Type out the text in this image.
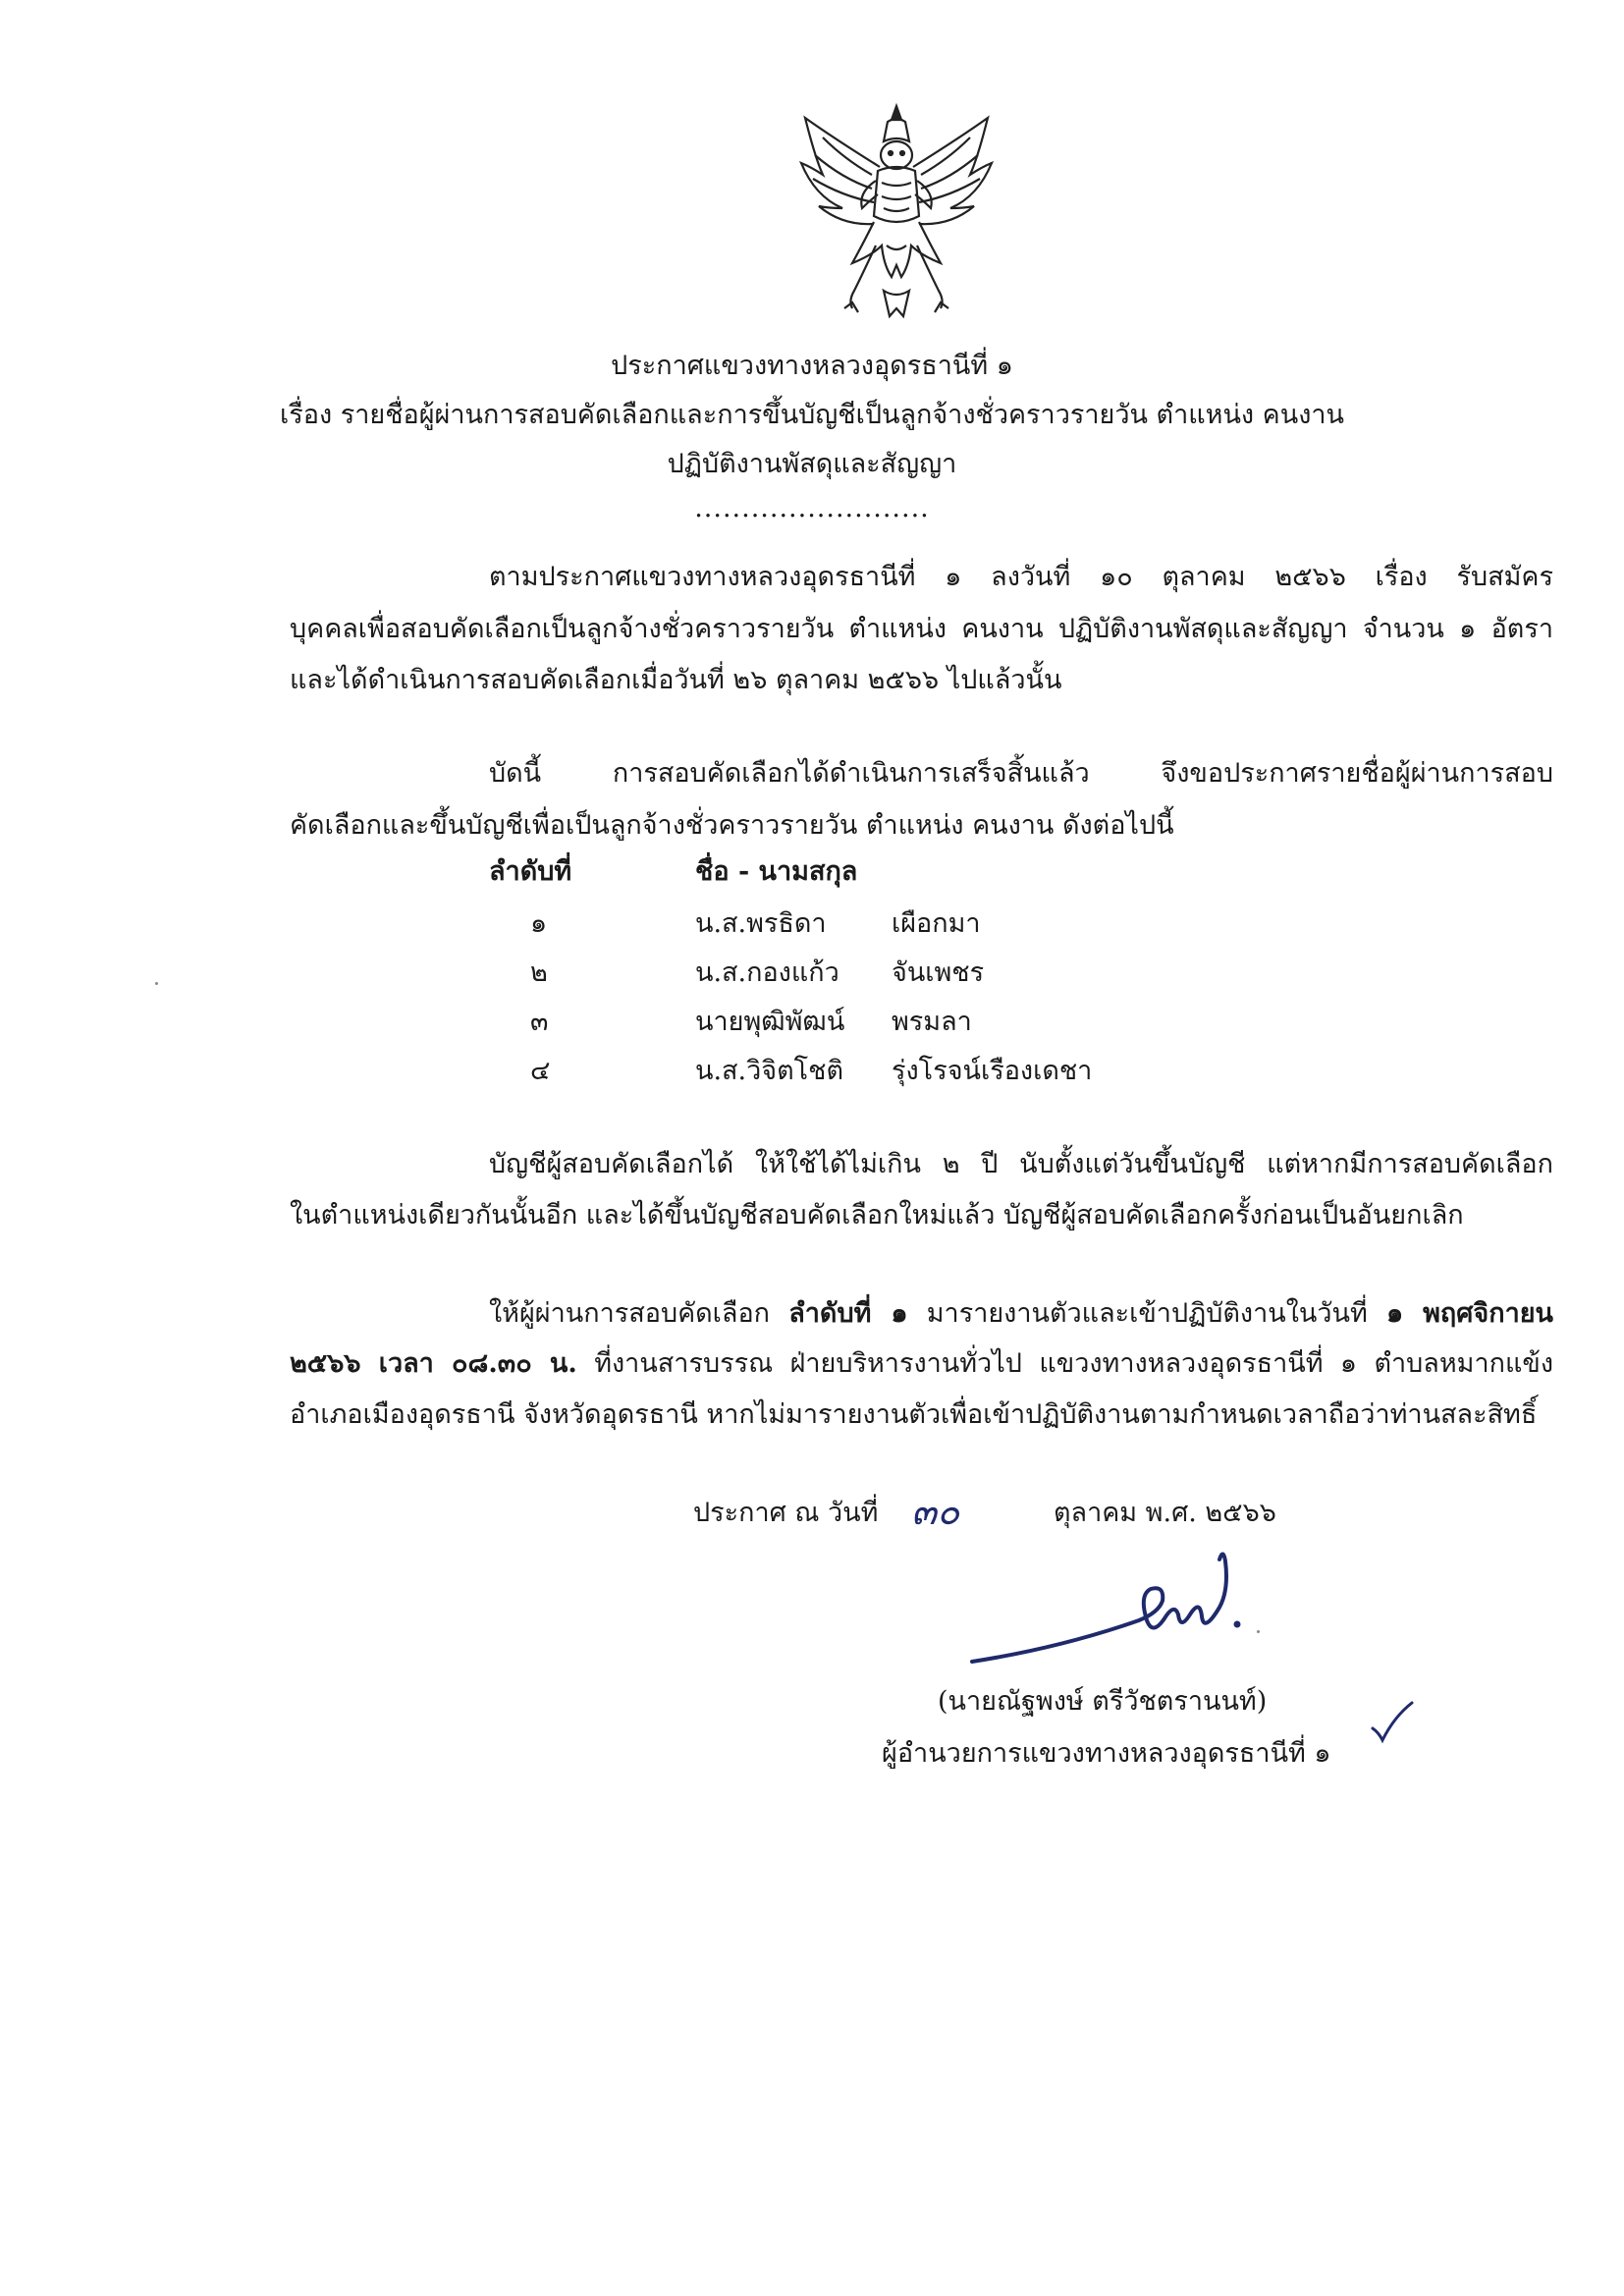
ประกาศแขวงทางหลวงอุดรธานีที่ ๑
เรื่อง รายชื่อผู้ผ่านการสอบคัดเลือกและการขึ้นบัญชีเป็นลูกจ้างชั่วคราวรายวัน ตำแหน่ง คนงาน
ปฏิบัติงานพัสดุและสัญญา
.........................
ตามประกาศแขวงทางหลวงอุดรธานีที่ ๑ ลงวันที่ ๑๐ ตุลาคม ๒๕๖๖ เรื่อง รับสมัคร
บุคคลเพื่อสอบคัดเลือกเป็นลูกจ้างชั่วคราวรายวัน ตำแหน่ง คนงาน ปฏิบัติงานพัสดุและสัญญา จำนวน ๑ อัตรา
และได้ดำเนินการสอบคัดเลือกเมื่อวันที่ ๒๖ ตุลาคม ๒๕๖๖ ไปแล้วนั้น
บัดนี้ การสอบคัดเลือกได้ดำเนินการเสร็จสิ้นแล้ว จึงขอประกาศรายชื่อผู้ผ่านการสอบ
คัดเลือกและขึ้นบัญชีเพื่อเป็นลูกจ้างชั่วคราวรายวัน ตำแหน่ง คนงาน ดังต่อไปนี้
ลำดับที่	ชื่อ - นามสกุล
๑	น.ส.พรธิดา เผือกมา
๒	น.ส.กองแก้ว จันเพชร
๓	นายพุฒิพัฒน์ พรมลา
๔	น.ส.วิจิตโชติ รุ่งโรจน์เรืองเดชา
บัญชีผู้สอบคัดเลือกได้ ให้ใช้ได้ไม่เกิน ๒ ปี นับตั้งแต่วันขึ้นบัญชี แต่หากมีการสอบคัดเลือก
ในตำแหน่งเดียวกันนั้นอีก และได้ขึ้นบัญชีสอบคัดเลือกใหม่แล้ว บัญชีผู้สอบคัดเลือกครั้งก่อนเป็นอันยกเลิก
ให้ผู้ผ่านการสอบคัดเลือก ลำดับที่ ๑ มารายงานตัวและเข้าปฏิบัติงานในวันที่ ๑ พฤศจิกายน
๒๕๖๖ เวลา ๐๘.๓๐ น. ที่งานสารบรรณ ฝ่ายบริหารงานทั่วไป แขวงทางหลวงอุดรธานีที่ ๑ ตำบลหมากแข้ง
อำเภอเมืองอุดรธานี จังหวัดอุดรธานี หากไม่มารายงานตัวเพื่อเข้าปฏิบัติงานตามกำหนดเวลาถือว่าท่านสละสิทธิ์
ประกาศ ณ วันที่ ๓๐	ตุลาคม พ.ศ. ๒๕๖๖
(นายณัฐพงษ์ ตรีวัชตรานนท์)
ผู้อำนวยการแขวงทางหลวงอุดรธานีที่ ๑
